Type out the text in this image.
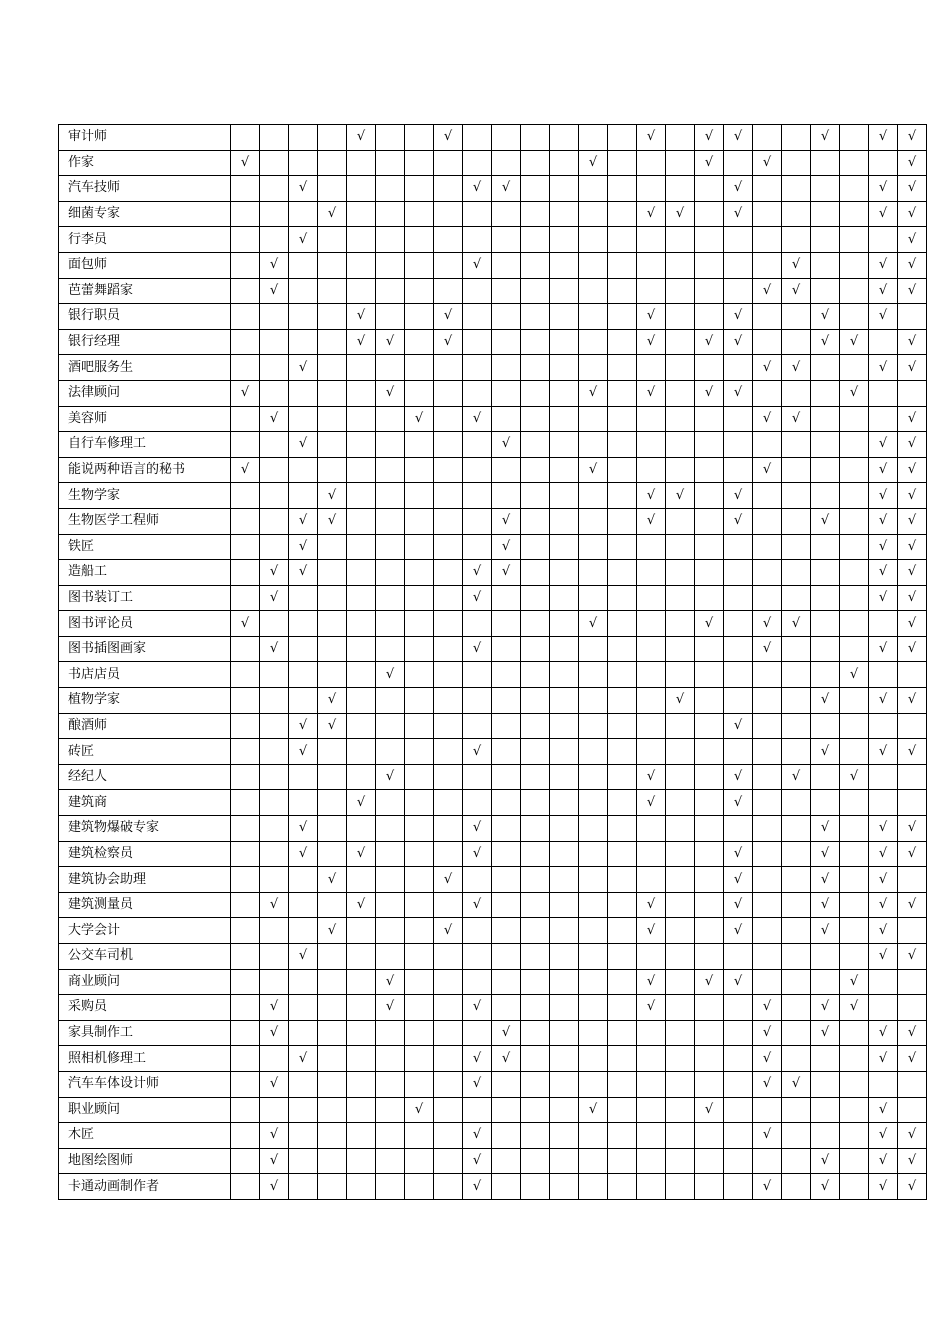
审计师					√			√							√		√	√			√		√	√
作家	√												√				√		√					√
汽车技师			√						√	√								√					√	√
细菌专家				√											√	√		√					√	√
行李员			√																					√
面包师		√							√											√			√	√
芭蕾舞蹈家		√																	√	√			√	√
银行职员					√			√							√			√			√		√	
银行经理					√	√		√							√		√	√			√	√		√
酒吧服务生			√																√	√			√	√
法律顾问	√					√							√		√		√	√				√		
美容师		√					√		√										√	√				√
自行车修理工			√							√													√	√
能说两种语言的秘书	√												√						√				√	√
生物学家				√											√	√		√					√	√
生物医学工程师			√	√						√					√			√			√		√	√
铁匠			√							√													√	√
造船工		√	√						√	√													√	√
图书装订工		√							√														√	√
图书评论员	√												√				√		√	√				√
图书插图画家		√							√										√				√	√
书店店员						√																√		
植物学家				√												√					√		√	√
酿酒师			√	√														√						
砖匠			√						√												√		√	√
经纪人						√									√			√		√		√		
建筑商					√										√			√						
建筑物爆破专家			√						√												√		√	√
建筑检察员			√		√				√									√			√		√	√
建筑协会助理				√				√										√			√		√	
建筑测量员		√			√				√						√			√			√		√	√
大学会计				√				√							√			√			√		√	
公交车司机			√																				√	√
商业顾问						√									√		√	√				√		
采购员		√				√			√						√				√		√	√		
家具制作工		√								√									√		√		√	√
照相机修理工			√						√	√									√				√	√
汽车车体设计师		√							√										√	√				
职业顾问							√						√				√						√	
木匠		√							√										√				√	√
地图绘图师		√							√												√		√	√
卡通动画制作者		√							√										√		√		√	√
